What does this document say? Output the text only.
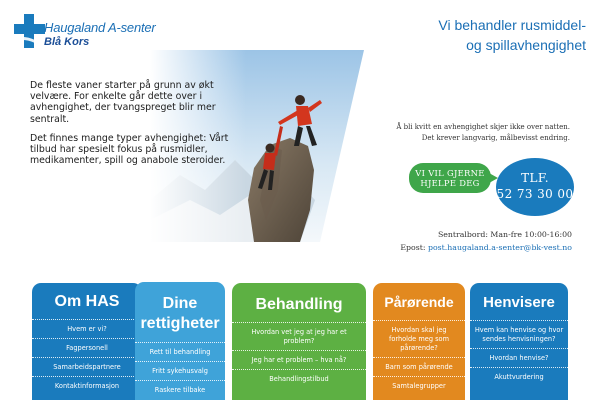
Haugaland A-senter
Blå Kors
Vi behandler rusmiddel-
og spillavhengighet

De fleste vaner starter på grunn av økt velvære. For enkelte går dette over i avhengighet, der tvangspreget blir mer sentralt.

Det finnes mange typer avhengighet: Vårt tilbud har spesielt fokus på rusmidler, medikamenter, spill og anabole steroider.

Å bli kvitt en avhengighet skjer ikke over natten.
Det krever langvarig, målbevisst endring.
VI VIL GJERNE
HJELPE DEG	TLF.
52 73 30 00
Sentralbord: Man-fre 10:00-16:00
Epost: post.haugaland.a-senter@bk-vest.no
Om HAS
Hvem er vi?
Fagpersonell
Samarbeidspartnere
Kontaktinformasjon
Behandling
Hvordan vet jeg at jeg har et problem?
Jeg har et problem – hva nå?
Behandlingstilbud
Dine rettigheter
Rett til behandling
Fritt sykehusvalg
Raskere tilbake
Pårørende
Hvordan skal jeg forholde meg som pårørende?
Barn som pårørende
Samtalegrupper
Henvisere
Hvem kan henvise og hvor sendes henvisningen?
Hvordan henvise?
Akuttvurdering
